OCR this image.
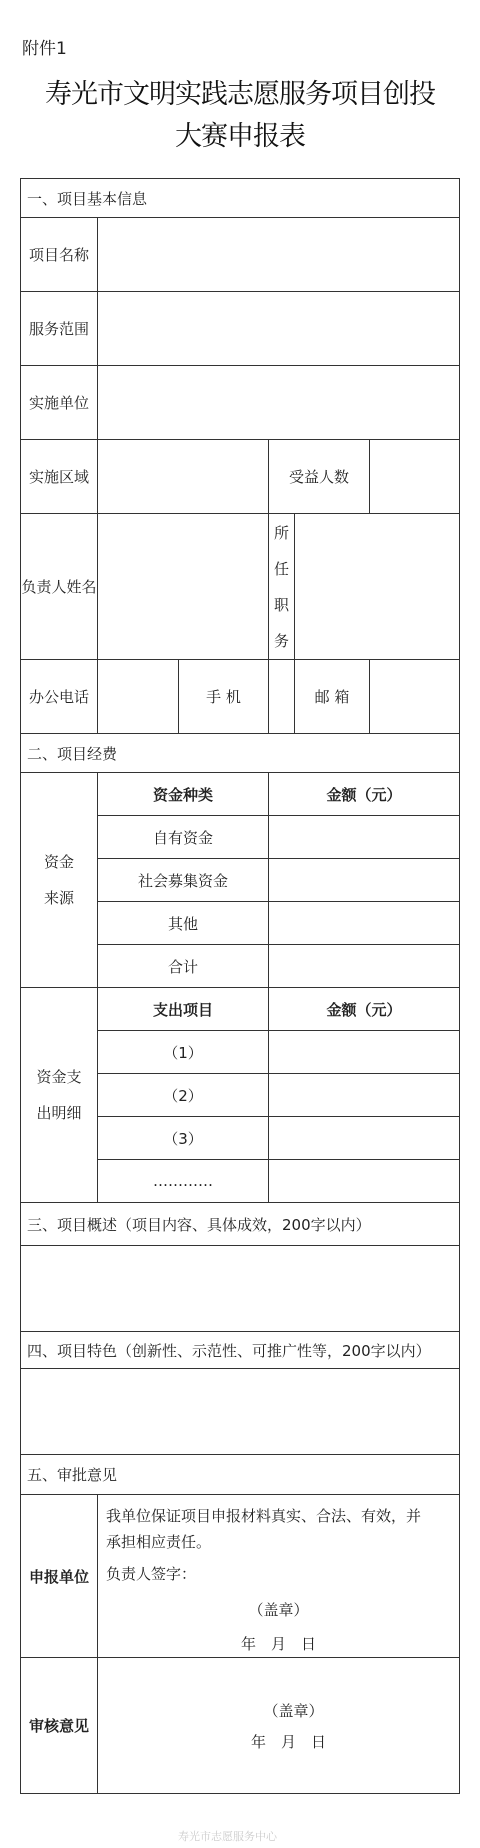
附件1
寿光市文明实践志愿服务项目创投
大赛申报表
一、项目基本信息					
项目名称					
服务范围					
实施单位					
实施区域			受益人数		
负责人姓名			所任职务		
办公电话		手 机		邮 箱	
二、项目经费					
资金来源	资金种类		金额（元）		
	自有资金				
	社会募集资金				
	其他				
	合计				
资金支出明细	支出项目		金额（元）		
	（1）				
	（2）				
	（3）				
	…………				
三、项目概述（项目内容、具体成效，200字以内）					

四、项目特色（创新性、示范性、可推广性等，200字以内）					

五、审批意见					
申报单位	我单位保证项目申报材料真实、合法、有效，并
承担相应责任。
负责人签字：
（盖章）
年　月　日				

审核意见	（盖章）
年　月　日				
寿光市志愿服务中心
